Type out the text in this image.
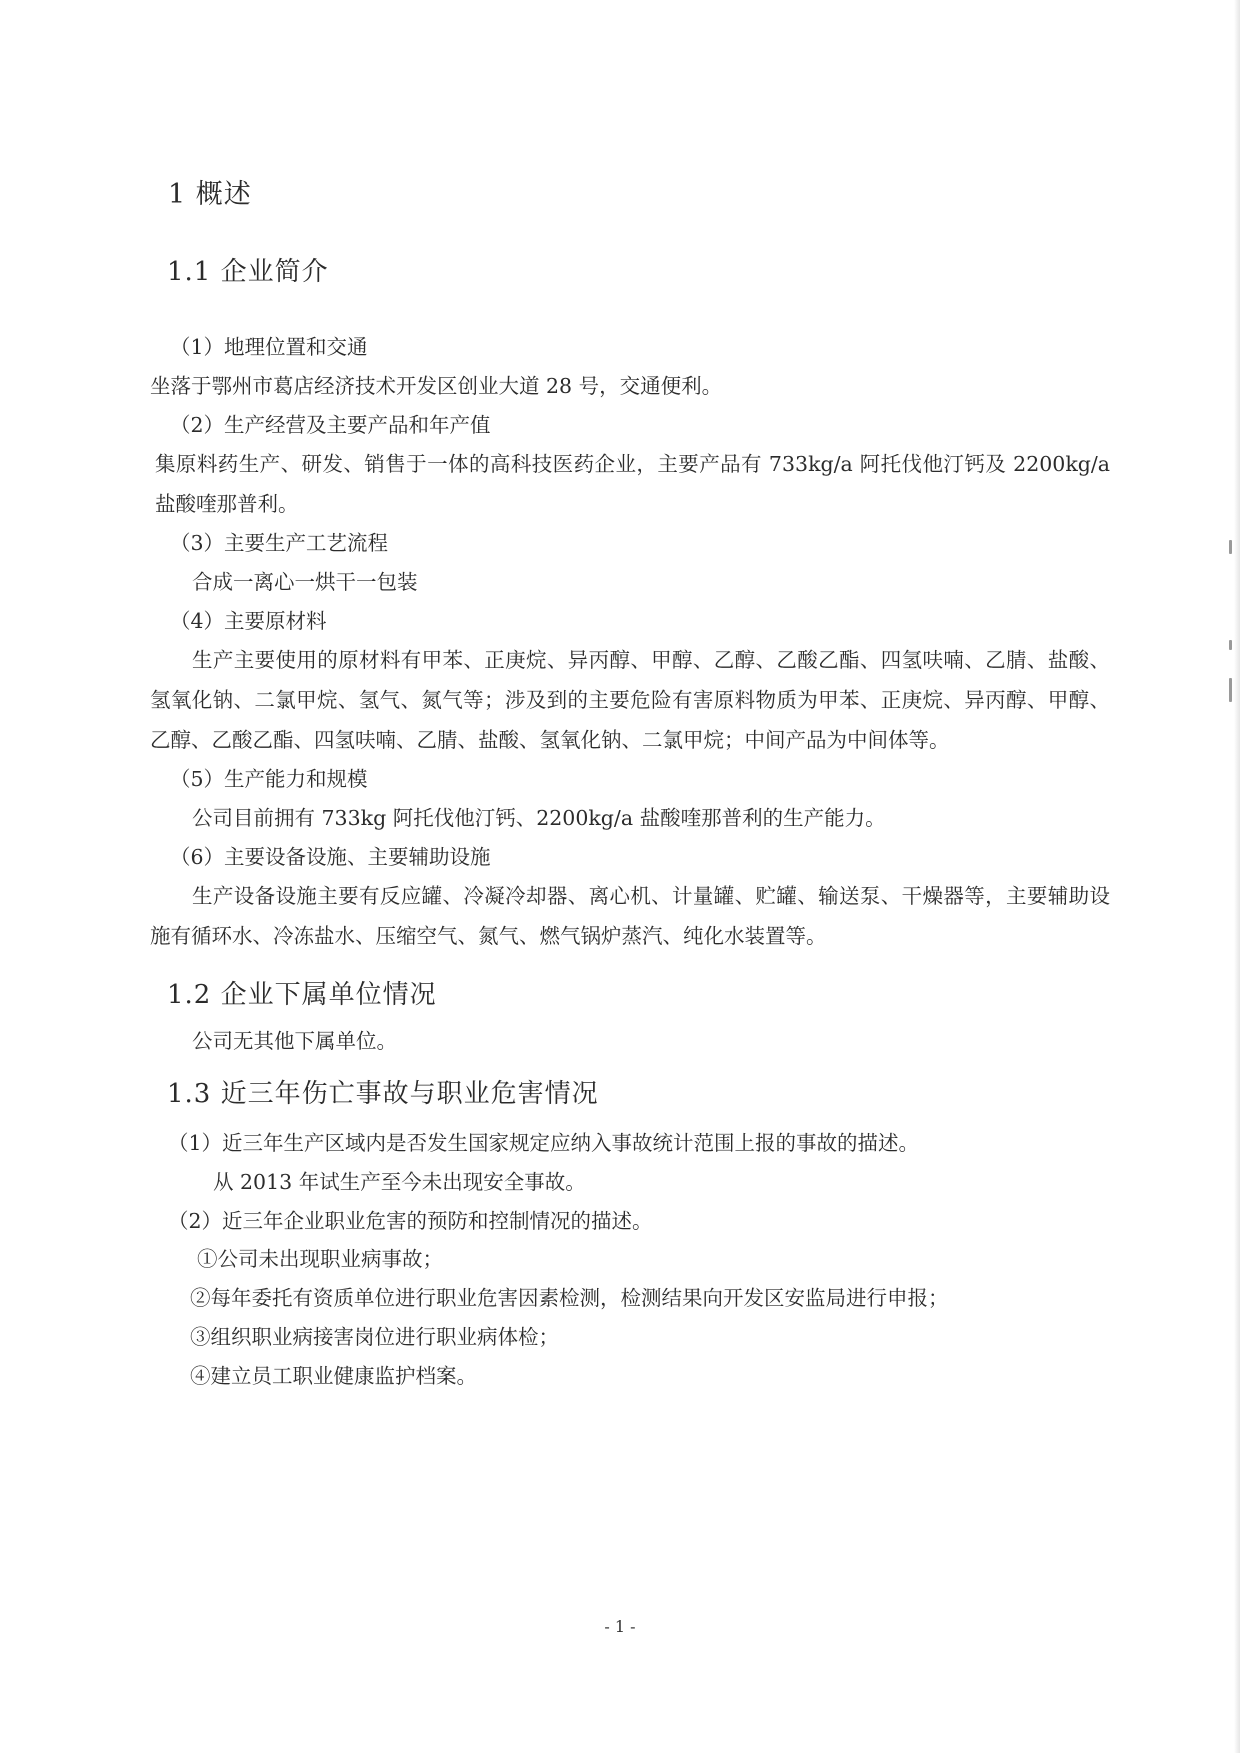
1 概述
1.1 企业简介
（1）地理位置和交通
坐落于鄂州市葛店经济技术开发区创业大道 28 号，交通便利。
（2）生产经营及主要产品和年产值
集原料药生产、研发、销售于一体的高科技医药企业，主要产品有 733kg/a 阿托伐他汀钙及 2200kg/a 盐酸喹那普利。
（3）主要生产工艺流程
合成一离心一烘干一包装
（4）主要原材料
生产主要使用的原材料有甲苯、正庚烷、异丙醇、甲醇、乙醇、乙酸乙酯、四氢呋喃、乙腈、盐酸、氢氧化钠、二氯甲烷、氢气、氮气等；涉及到的主要危险有害原料物质为甲苯、正庚烷、异丙醇、甲醇、乙醇、乙酸乙酯、四氢呋喃、乙腈、盐酸、氢氧化钠、二氯甲烷；中间产品为中间体等。
（5）生产能力和规模
公司目前拥有 733kg 阿托伐他汀钙、2200kg/a 盐酸喹那普利的生产能力。
（6）主要设备设施、主要辅助设施
生产设备设施主要有反应罐、冷凝冷却器、离心机、计量罐、贮罐、输送泵、干燥器等，主要辅助设施有循环水、冷冻盐水、压缩空气、氮气、燃气锅炉蒸汽、纯化水装置等。
1.2 企业下属单位情况
公司无其他下属单位。
1.3 近三年伤亡事故与职业危害情况
（1）近三年生产区域内是否发生国家规定应纳入事故统计范围上报的事故的描述。
从 2013 年试生产至今未出现安全事故。
（2）近三年企业职业危害的预防和控制情况的描述。
①公司未出现职业病事故；
②每年委托有资质单位进行职业危害因素检测，检测结果向开发区安监局进行申报；
③组织职业病接害岗位进行职业病体检；
④建立员工职业健康监护档案。
- 1 -
